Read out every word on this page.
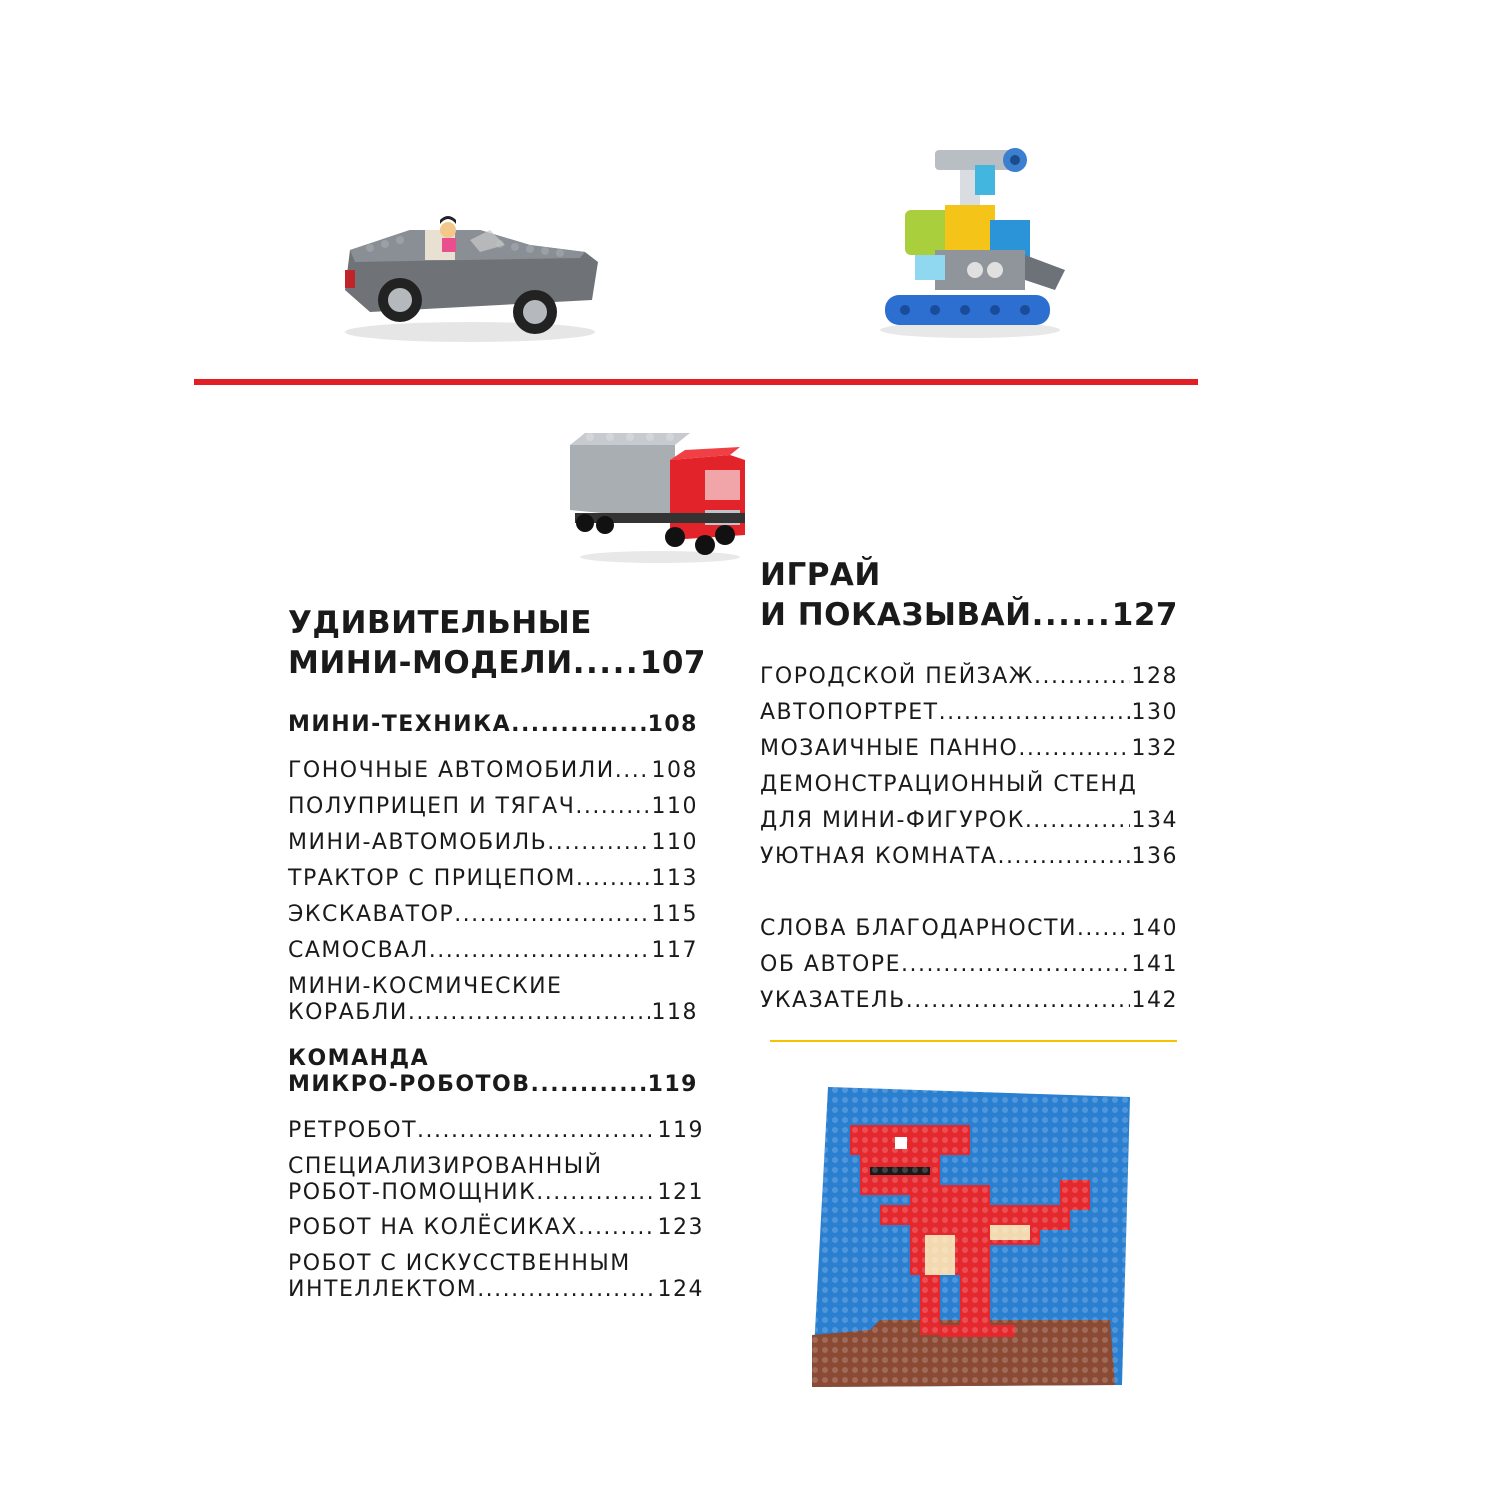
УДИВИТЕЛЬНЫЕ
МИНИ-МОДЕЛИ ..... 107
МИНИ-ТЕХНИКА .....	108
ГОНОЧНЫЕ АВТОМОБИЛИ ..... 108
ПОЛУПРИЦЕП И ТЯГАЧ .....	110
МИНИ-АВТОМОБИЛЬ .....	110
ТРАКТОР С ПРИЦЕПОМ .....	113
ЭКСКАВАТОР .....	115
САМОСВАЛ .....	117
МИНИ-КОСМИЧЕСКИЕ
КОРАБЛИ .....	118
КОМАНДА
МИКРО-РОБОТОВ .....	119
РЕТРОБОТ .....	119
СПЕЦИАЛИЗИРОВАННЫЙ
РОБОТ-ПОМОЩНИК .....	121
РОБОТ НА КОЛЁСИКАХ .....	123
РОБОТ С ИСКУССТВЕННЫМ
ИНТЕЛЛЕКТОМ .....	124
ИГРАЙ
И ПОКАЗЫВАЙ .....	127
ГОРОДСКОЙ ПЕЙЗАЖ .....	128
АВТОПОРТРЕТ .....	130
МОЗАИЧНЫЕ ПАННО .....	132
ДЕМОНСТРАЦИОННЫЙ СТЕНД
ДЛЯ МИНИ-ФИГУРОК .....	134
УЮТНАЯ КОМНАТА .....	136
СЛОВА БЛАГОДАРНОСТИ ..... 140
ОБ АВТОРЕ .....	141
УКАЗАТЕЛЬ .....	142
